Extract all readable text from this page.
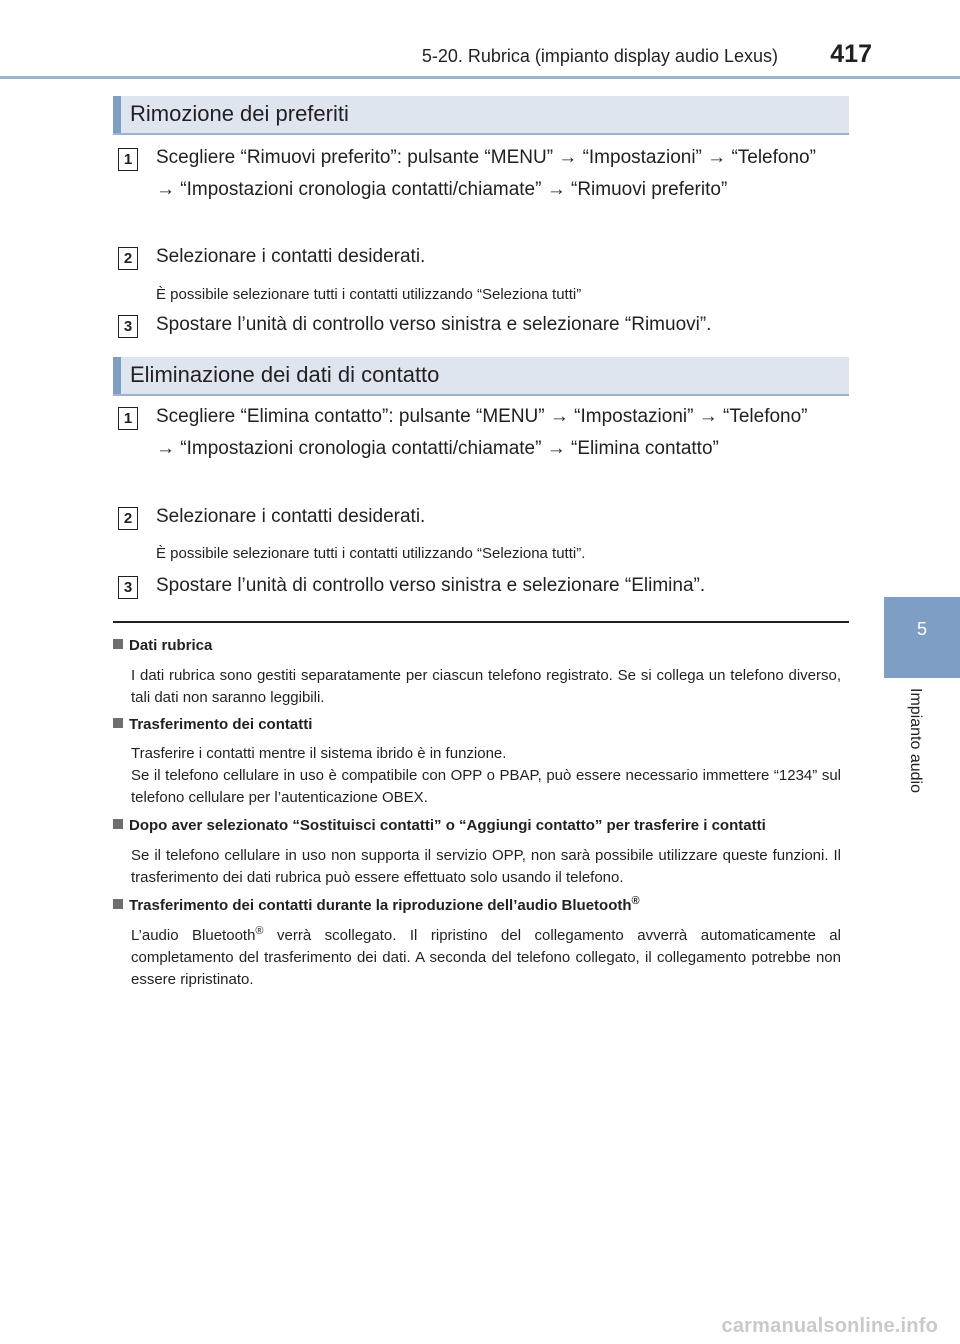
5-20. Rubrica (impianto display audio Lexus) 417
5
Impianto audio
Rimozione dei preferiti
1	Scegliere “Rimuovi preferito”: pulsante “MENU” → “Impostazioni” → “Telefono” → “Impostazioni cronologia contatti/chiamate” → “Rimuovi preferito”
2	Selezionare i contatti desiderati.
È possibile selezionare tutti i contatti utilizzando “Seleziona tutti”
3	Spostare l’unità di controllo verso sinistra e selezionare “Rimuovi”.
Eliminazione dei dati di contatto
1	Scegliere “Elimina contatto”: pulsante “MENU” → “Impostazioni” → “Telefono” → “Impostazioni cronologia contatti/chiamate” → “Elimina contatto”
2	Selezionare i contatti desiderati.
È possibile selezionare tutti i contatti utilizzando “Seleziona tutti”.
3	Spostare l’unità di controllo verso sinistra e selezionare “Elimina”.
Dati rubrica

I dati rubrica sono gestiti separatamente per ciascun telefono registrato. Se si collega un telefono diverso, tali dati non saranno leggibili.

Trasferimento dei contatti

Trasferire i contatti mentre il sistema ibrido è in funzione.

Se il telefono cellulare in uso è compatibile con OPP o PBAP, può essere necessario immettere “1234” sul telefono cellulare per l’autenticazione OBEX.

Dopo aver selezionato “Sostituisci contatti” o “Aggiungi contatto” per trasferire i contatti

Se il telefono cellulare in uso non supporta il servizio OPP, non sarà possibile utilizzare queste funzioni. Il trasferimento dei dati rubrica può essere effettuato solo usando il telefono.

Trasferimento dei contatti durante la riproduzione dell’audio Bluetooth®

L’audio Bluetooth® verrà scollegato. Il ripristino del collegamento avverrà automaticamente al completamento del trasferimento dei dati. A seconda del telefono collegato, il collegamento potrebbe non essere ripristinato.

carmanualsonline.info
